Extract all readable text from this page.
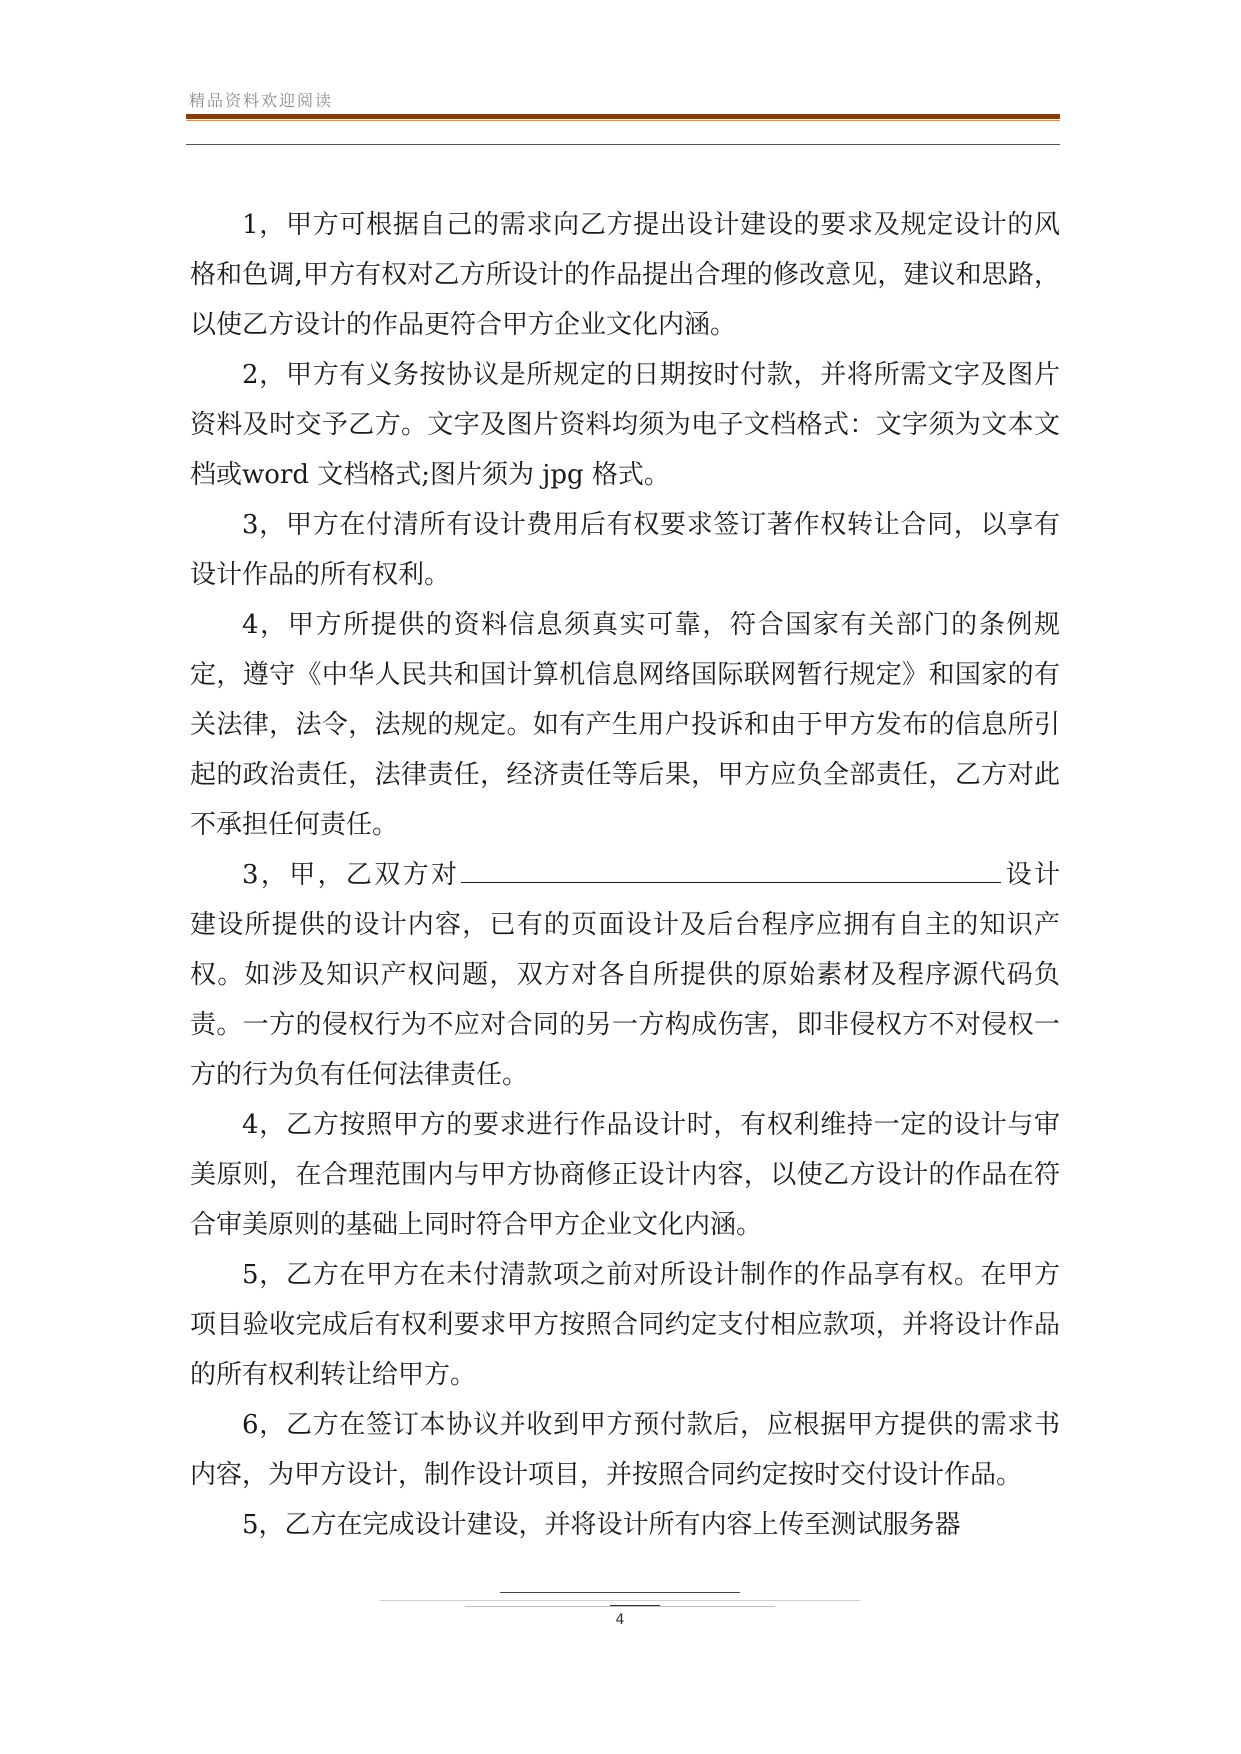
精品资料欢迎阅读

1，甲方可根据自己的需求向乙方提出设计建设的要求及规定设计的风格和色调,甲方有权对乙方所设计的作品提出合理的修改意见，建议和思路，以使乙方设计的作品更符合甲方企业文化内涵。

2，甲方有义务按协议是所规定的日期按时付款，并将所需文字及图片资料及时交予乙方。文字及图片资料均须为电子文档格式：文字须为文本文档或word 文档格式;图片须为 jpg 格式。

3，甲方在付清所有设计费用后有权要求签订著作权转让合同，以享有设计作品的所有权利。

4，甲方所提供的资料信息须真实可靠，符合国家有关部门的条例规定，遵守《中华人民共和国计算机信息网络国际联网暂行规定》和国家的有关法律，法令，法规的规定。如有产生用户投诉和由于甲方发布的信息所引起的政治责任，法律责任，经济责任等后果，甲方应负全部责任，乙方对此不承担任何责任。

3，甲，乙双方对	设计建设所提供的设计内容，已有的页面设计及后台程序应拥有自主的知识产权。如涉及知识产权问题，双方对各自所提供的原始素材及程序源代码负责。一方的侵权行为不应对合同的另一方构成伤害，即非侵权方不对侵权一方的行为负有任何法律责任。

4，乙方按照甲方的要求进行作品设计时，有权利维持一定的设计与审美原则，在合理范围内与甲方协商修正设计内容，以使乙方设计的作品在符合审美原则的基础上同时符合甲方企业文化内涵。

5，乙方在甲方在未付清款项之前对所设计制作的作品享有权。在甲方项目验收完成后有权利要求甲方按照合同约定支付相应款项，并将设计作品的所有权利转让给甲方。

6，乙方在签订本协议并收到甲方预付款后，应根据甲方提供的需求书内容，为甲方设计，制作设计项目，并按照合同约定按时交付设计作品。

5，乙方在完成设计建设，并将设计所有内容上传至测试服务器

4
